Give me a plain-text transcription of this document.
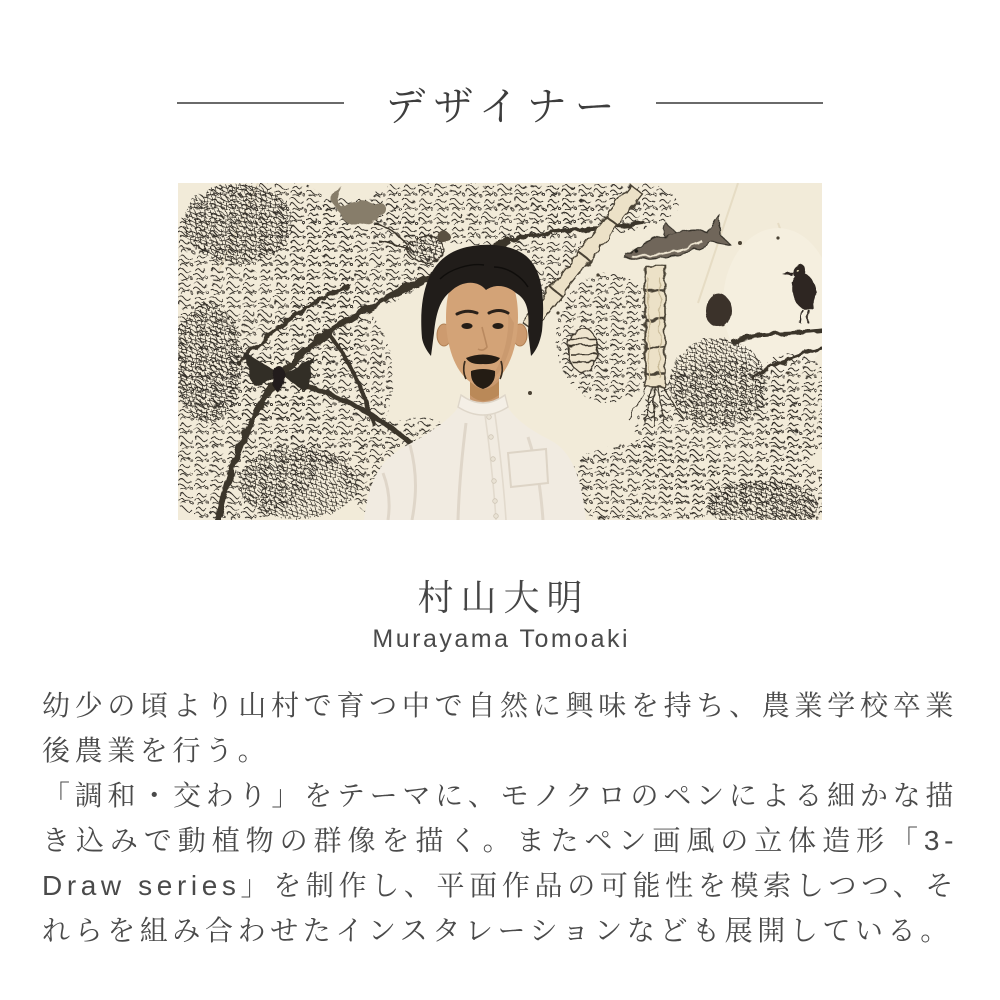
デザイナー
村山大明

Murayama Tomoaki

幼少の頃より山村で育つ中で自然に興味を持ち、農業学校卒業後農業を行う。

「調和・交わり」をテーマに、モノクロのペンによる細かな描き込みで動植物の群像を描く。またペン画風の立体造形「3-Draw series」を制作し、平面作品の可能性を模索しつつ、それらを組み合わせたインスタレーションなども展開している。
